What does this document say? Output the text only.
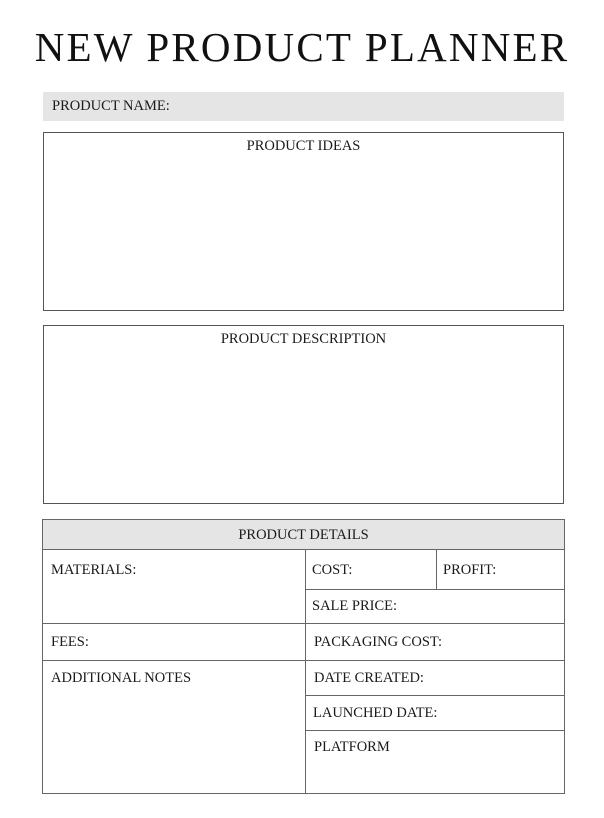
NEW PRODUCT PLANNER
PRODUCT NAME:
PRODUCT IDEAS
PRODUCT DESCRIPTION
PRODUCT DETAILS
MATERIALS:	COST:	PROFIT:
SALE PRICE:
FEES:	PACKAGING COST:
ADDITIONAL NOTES	DATE CREATED:
LAUNCHED DATE:
PLATFORM
